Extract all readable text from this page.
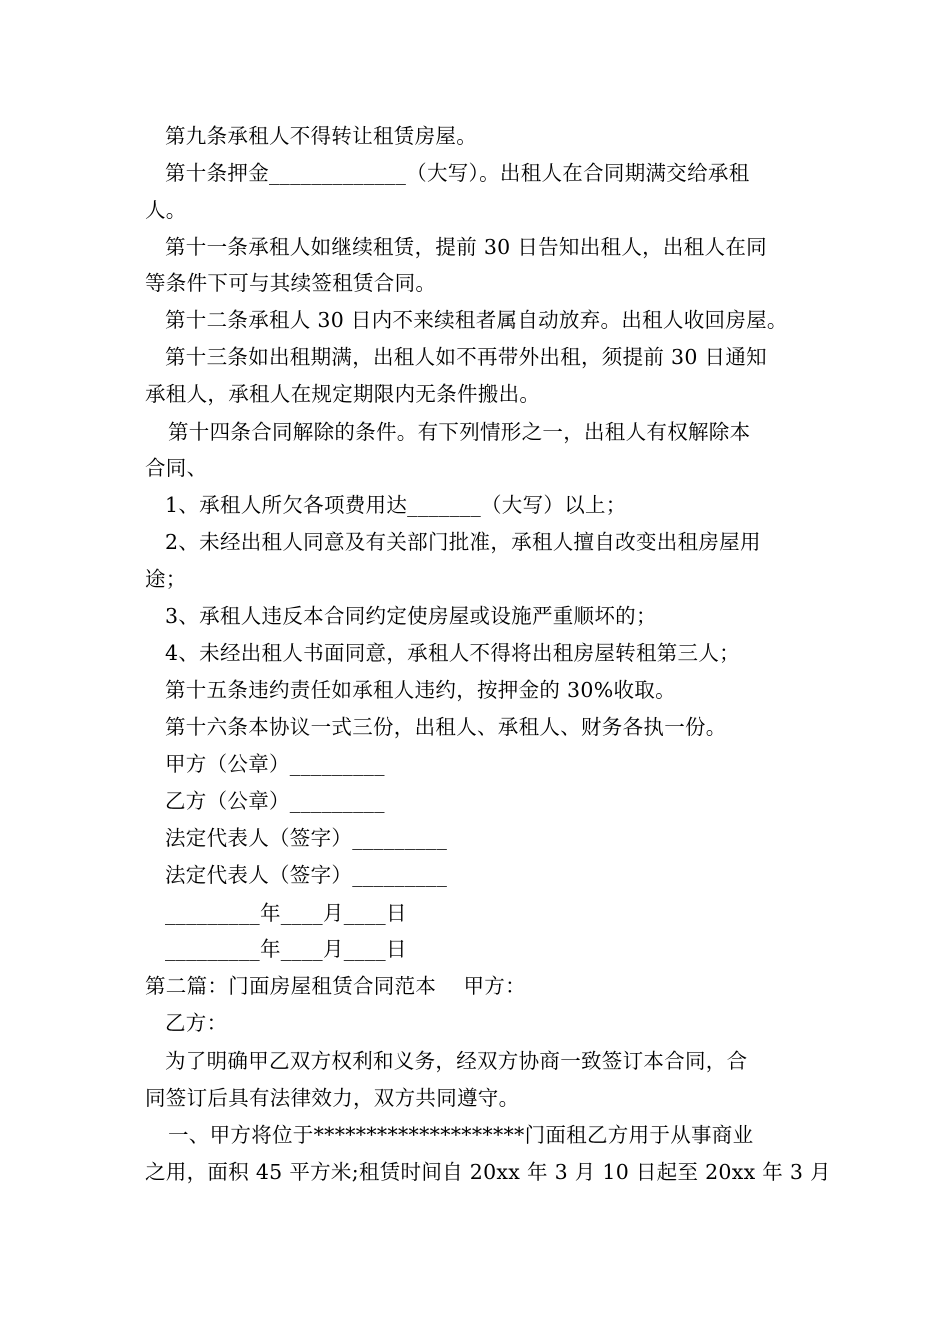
第九条承租人不得转让租赁房屋。
第十条押金_____________（大写）。出租人在合同期满交给承租
人。
第十一条承租人如继续租赁，提前 30 日告知出租人，出租人在同
等条件下可与其续签租赁合同。
第十二条承租人 30 日内不来续租者属自动放弃。出租人收回房屋。
第十三条如出租期满，出租人如不再带外出租，须提前 30 日通知
承租人，承租人在规定期限内无条件搬出。
第十四条合同解除的条件。有下列情形之一，出租人有权解除本
合同、
1、承租人所欠各项费用达_______（大写）以上；
2、未经出租人同意及有关部门批准，承租人擅自改变出租房屋用
途；
3、承租人违反本合同约定使房屋或设施严重顺坏的；
4、未经出租人书面同意，承租人不得将出租房屋转租第三人；
第十五条违约责任如承租人违约，按押金的 30%收取。
第十六条本协议一式三份，出租人、承租人、财务各执一份。
甲方（公章）_________
乙方（公章）_________
法定代表人（签字）_________
法定代表人（签字）_________
_________年____月____日
_________年____月____日
第二篇：门面房屋租赁合同范本    甲方：
乙方：
为了明确甲乙双方权利和义务，经双方协商一致签订本合同，合
同签订后具有法律效力，双方共同遵守。
一、甲方将位于********************门面租乙方用于从事商业
之用，面积 45 平方米;租赁时间自 20xx 年 3 月 10 日起至 20xx 年 3 月
